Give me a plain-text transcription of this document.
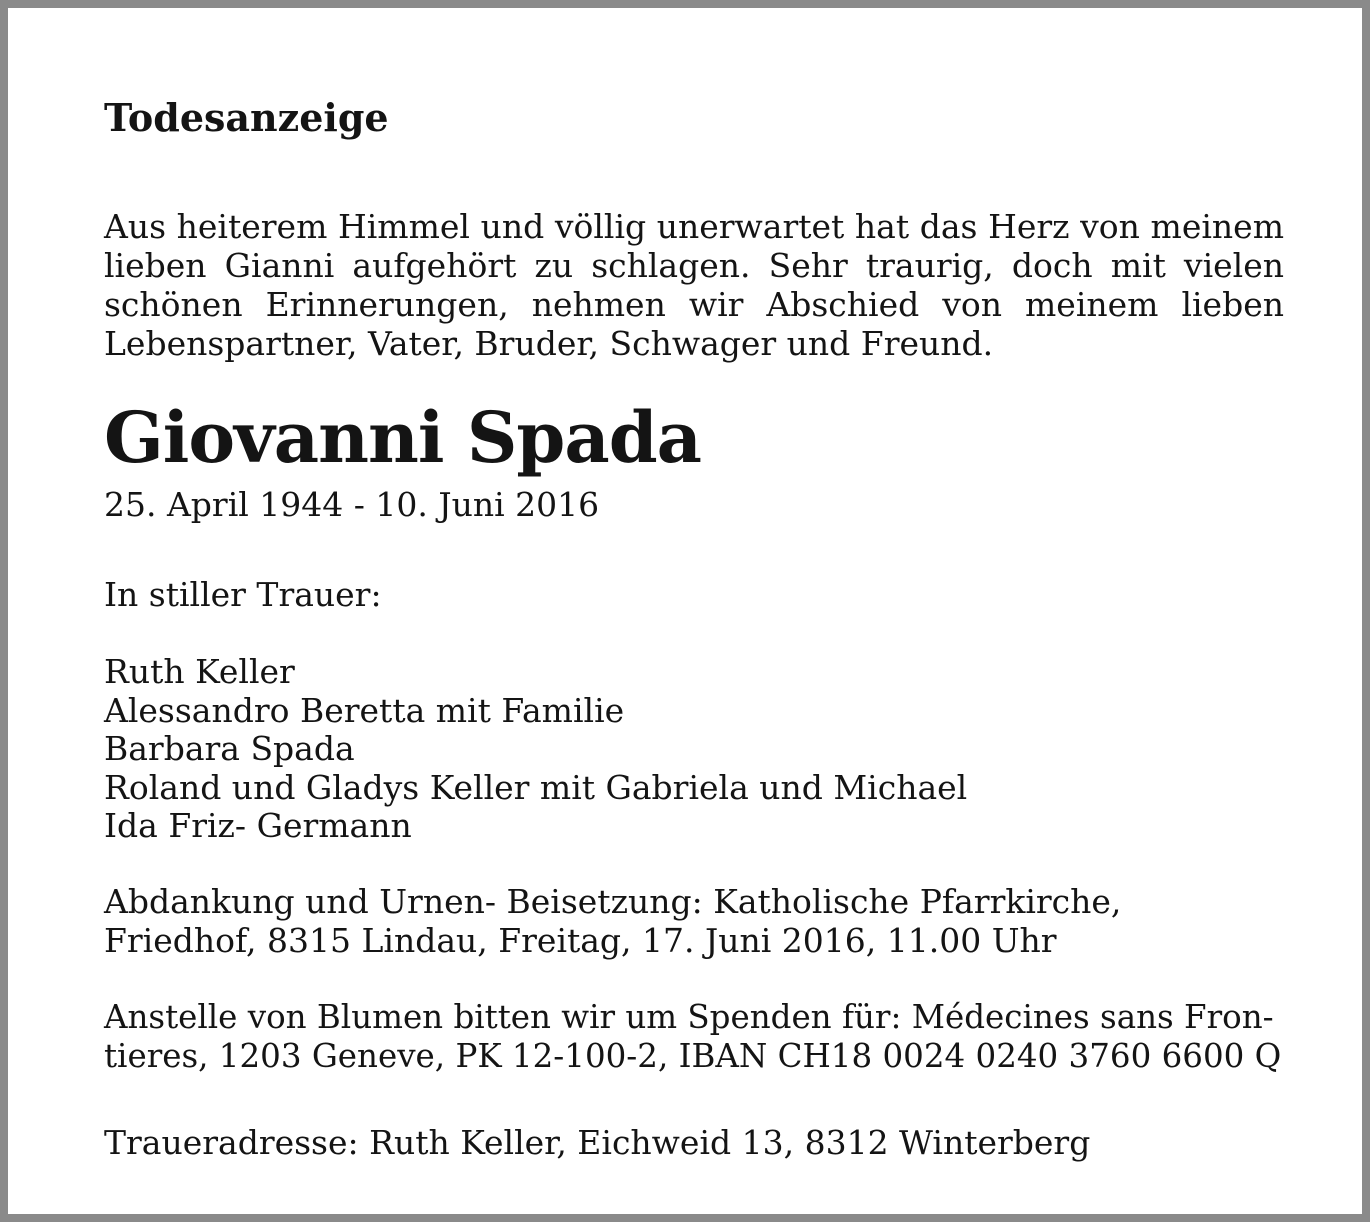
Todesanzeige

Aus heiterem Himmel und völlig unerwartet hat das Herz von meinem lieben Gianni aufgehört zu schlagen. Sehr traurig, doch mit vielen schönen Erinnerungen, nehmen wir Abschied von meinem lieben Lebenspartner, Vater, Bruder, Schwager und Freund.

Giovanni Spada
25. April 1944 - 10. Juni 2016
In stiller Trauer:
Ruth Keller
Alessandro Beretta mit Familie
Barbara Spada
Roland und Gladys Keller mit Gabriela und Michael
Ida Friz- Germann
Abdankung und Urnen- Beisetzung: Katholische Pfarrkirche,
Friedhof, 8315 Lindau, Freitag, 17. Juni 2016, 11.00 Uhr
Anstelle von Blumen bitten wir um Spenden für: Médecines sans Fron-
tieres, 1203 Geneve, PK 12-100-2, IBAN CH18 0024 0240 3760 6600 Q
Traueradresse: Ruth Keller, Eichweid 13, 8312 Winterberg
